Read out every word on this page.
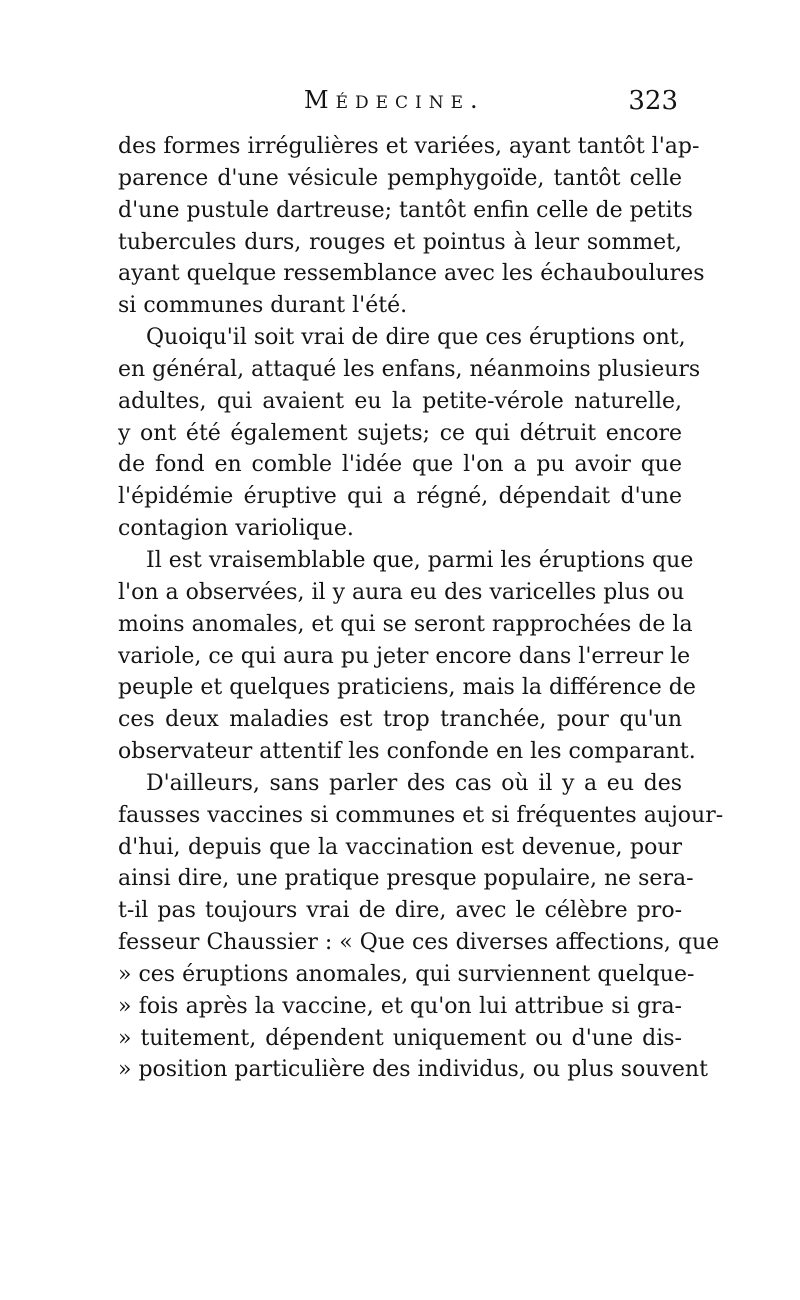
Médecine.	323
des formes irrégulières et variées, ayant tantôt l'ap-
parence d'une vésicule pemphygoïde, tantôt celle
d'une pustule dartreuse; tantôt enfin celle de petits
tubercules durs, rouges et pointus à leur sommet,
ayant quelque ressemblance avec les échauboulures
si communes durant l'été.
Quoiqu'il soit vrai de dire que ces éruptions ont,
en général, attaqué les enfans, néanmoins plusieurs
adultes, qui avaient eu la petite-vérole naturelle,
y ont été également sujets; ce qui détruit encore
de fond en comble l'idée que l'on a pu avoir que
l'épidémie éruptive qui a régné, dépendait d'une
contagion variolique.
Il est vraisemblable que, parmi les éruptions que
l'on a observées, il y aura eu des varicelles plus ou
moins anomales, et qui se seront rapprochées de la
variole, ce qui aura pu jeter encore dans l'erreur le
peuple et quelques praticiens, mais la différence de
ces deux maladies est trop tranchée, pour qu'un
observateur attentif les confonde en les comparant.
D'ailleurs, sans parler des cas où il y a eu des
fausses vaccines si communes et si fréquentes aujour-
d'hui, depuis que la vaccination est devenue, pour
ainsi dire, une pratique presque populaire, ne sera-
t-il pas toujours vrai de dire, avec le célèbre pro-
fesseur Chaussier : « Que ces diverses affections, que
» ces éruptions anomales, qui surviennent quelque-
» fois après la vaccine, et qu'on lui attribue si gra-
» tuitement, dépendent uniquement ou d'une dis-
» position particulière des individus, ou plus souvent
